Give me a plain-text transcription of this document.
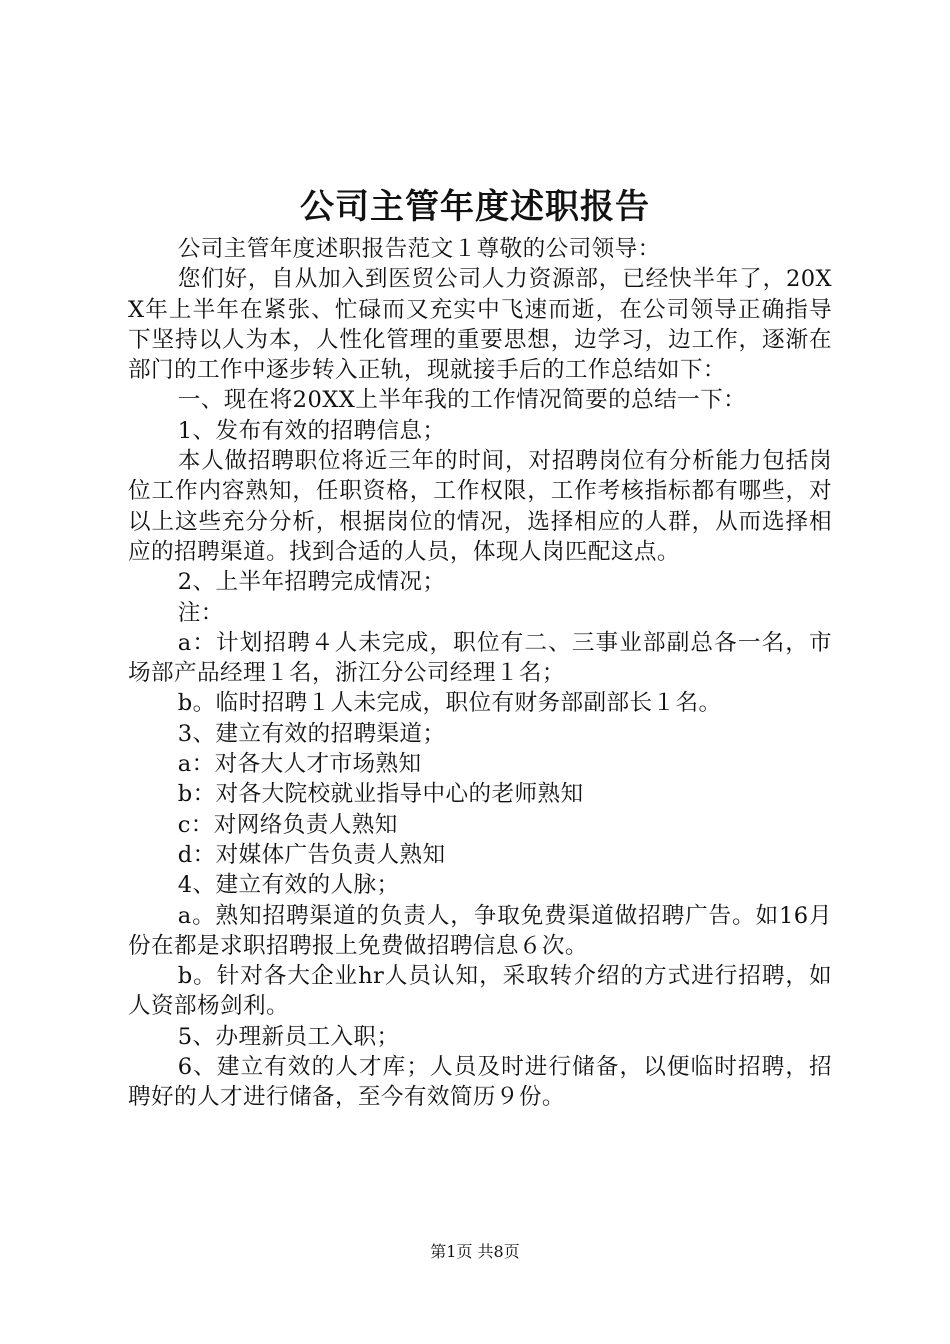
公司主管年度述职报告

公司主管年度述职报告范文１尊敬的公司领导：

您们好，自从加入到医贸公司人力资源部，已经快半年了，20XX年上半年在紧张、忙碌而又充实中飞速而逝，在公司领导正确指导下坚持以人为本，人性化管理的重要思想，边学习，边工作，逐渐在部门的工作中逐步转入正轨，现就接手后的工作总结如下：

一、现在将20XX上半年我的工作情况简要的总结一下：

1、发布有效的招聘信息；

本人做招聘职位将近三年的时间，对招聘岗位有分析能力包括岗位工作内容熟知，任职资格，工作权限，工作考核指标都有哪些，对以上这些充分分析，根据岗位的情况，选择相应的人群，从而选择相应的招聘渠道。找到合适的人员，体现人岗匹配这点。

2、上半年招聘完成情况；

注：

a：计划招聘４人未完成，职位有二、三事业部副总各一名，市场部产品经理１名，浙江分公司经理１名；

b。临时招聘１人未完成，职位有财务部副部长１名。

3、建立有效的招聘渠道；

a：对各大人才市场熟知

b：对各大院校就业指导中心的老师熟知

c：对网络负责人熟知

d：对媒体广告负责人熟知

4、建立有效的人脉；

a。熟知招聘渠道的负责人，争取免费渠道做招聘广告。如16月份在都是求职招聘报上免费做招聘信息６次。

b。针对各大企业hr人员认知，采取转介绍的方式进行招聘，如人资部杨剑利。

5、办理新员工入职；

6、建立有效的人才库；人员及时进行储备，以便临时招聘，招聘好的人才进行储备，至今有效简历９份。

第1页 共8页
